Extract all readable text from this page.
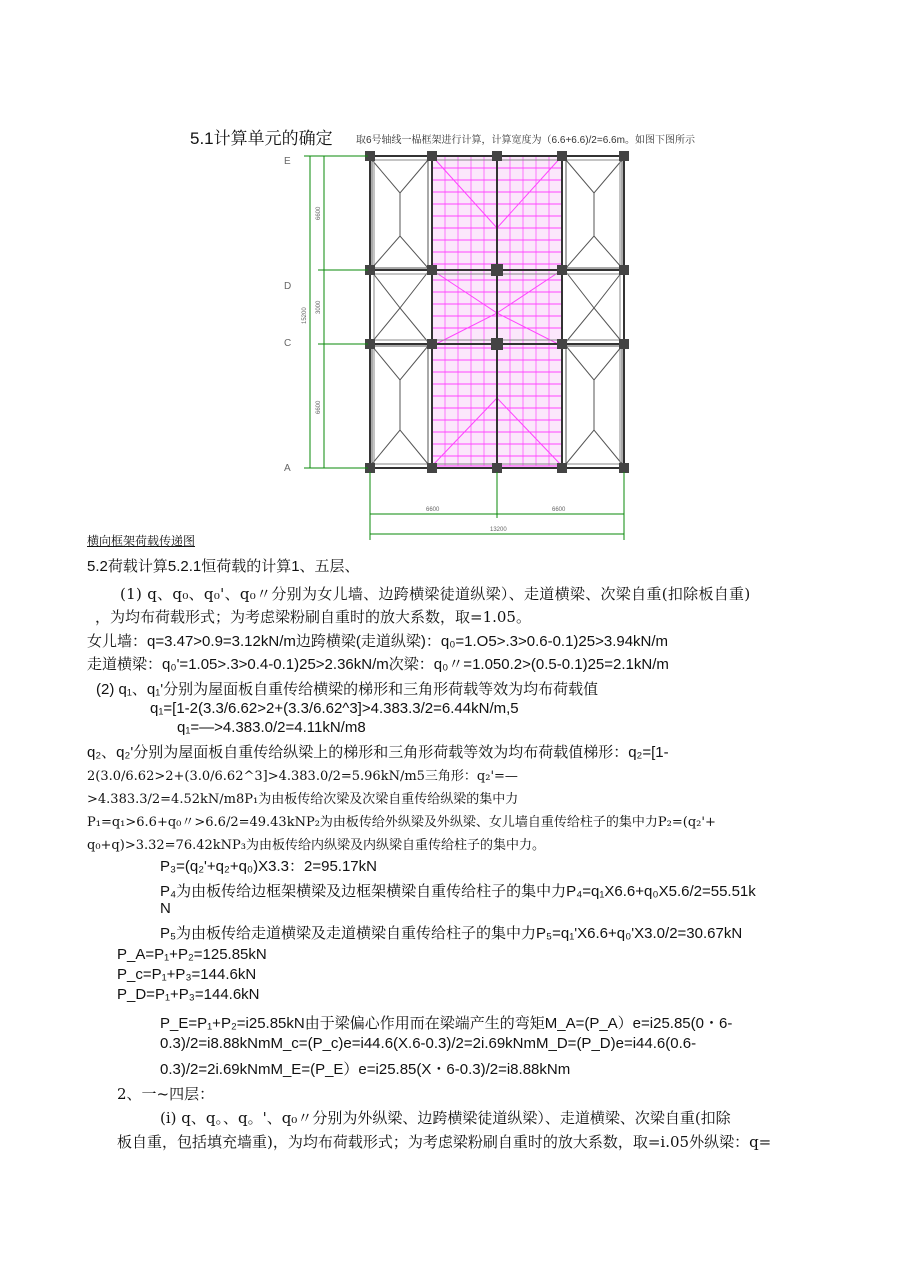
5.1计算单元的确定 取6号轴线一榀框架进行计算，计算宽度为（6.6+6.6)/2=6.6m。如图下图所示
6600
3000
15200
6600
E
D
C
A
6600	6600
13200
横向框架荷载传递图
5.2荷载计算5.2.1恒荷载的计算1、五层、
(1) q、q₀、q₀'、q₀〃分别为女儿墙、边跨横梁徒道纵梁）、走道横梁、次梁自重(扣除板自重)
，为均布荷载形式；为考虑梁粉刷自重时的放大系数，取=1.05。
女儿墙：q=3.47>0.9=3.12kN/m边跨横梁(走道纵梁)：q₀=1.O5>.3>0.6-0.1)25>3.94kN/m
走道横梁：q₀'=1.05>.3>0.4-0.1)25>2.36kN/m次梁：q₀〃=1.050.2>(0.5-0.1)25=2.1kN/m
(2) q₁、q₁'分别为屋面板自重传给横梁的梯形和三角形荷载等效为均布荷载值
q₁=[1-2(3.3/6.62>2+(3.3/6.62^3]>4.383.3/2=6.44kN/m,5
q₁=—>4.383.0/2=4.11kN/m8
q₂、q₂'分别为屋面板自重传给纵梁上的梯形和三角形荷载等效为均布荷载值梯形：q₂=[1-
2(3.0/6.62>2+(3.0/6.62^3]>4.383.0/2=5.96kN/m5三角形：q₂'=—
>4.383.3/2=4.52kN/m8P₁为由板传给次梁及次梁自重传给纵梁的集中力
P₁=q₁>6.6+q₀〃>6.6/2=49.43kNP₂为由板传给外纵梁及外纵梁、女儿墙自重传给柱子的集中力P₂=(q₂'+
q₀+q)>3.32=76.42kNP₃为由板传给内纵梁及内纵梁自重传给柱子的集中力。
P₃=(q₂'+q₂+q₀)X3.3：2=95.17kN
P₄为由板传给边框架横梁及边框架横梁自重传给柱子的集中力P₄=q₁X6.6+q₀X5.6/2=55.51k
N
P₅为由板传给走道横梁及走道横梁自重传给柱子的集中力P₅=q₁'X6.6+q₀'X3.0/2=30.67kN
P_A=P₁+P₂=125.85kN
P_c=P₁+P₃=144.6kN
P_D=P₁+P₃=144.6kN
P_E=P₁+P₂=i25.85kN由于梁偏心作用而在梁端产生的弯矩M_A=(P_A）e=i25.85(0・6-
0.3)/2=i8.88kNmM_c=(P_c)e=i44.6(X.6-0.3)/2=2i.69kNmM_D=(P_D)e=i44.6(0.6-
0.3)/2=2i.69kNmM_E=(P_E）e=i25.85(X・6-0.3)/2=i8.88kNm
2、一~四层：
(i) q、q。、q。'、q₀〃分别为外纵梁、边跨横梁徒道纵梁）、走道横梁、次梁自重(扣除
板自重，包括填充墙重)，为均布荷载形式；为考虑梁粉刷自重时的放大系数，取=i.05外纵梁：q=
